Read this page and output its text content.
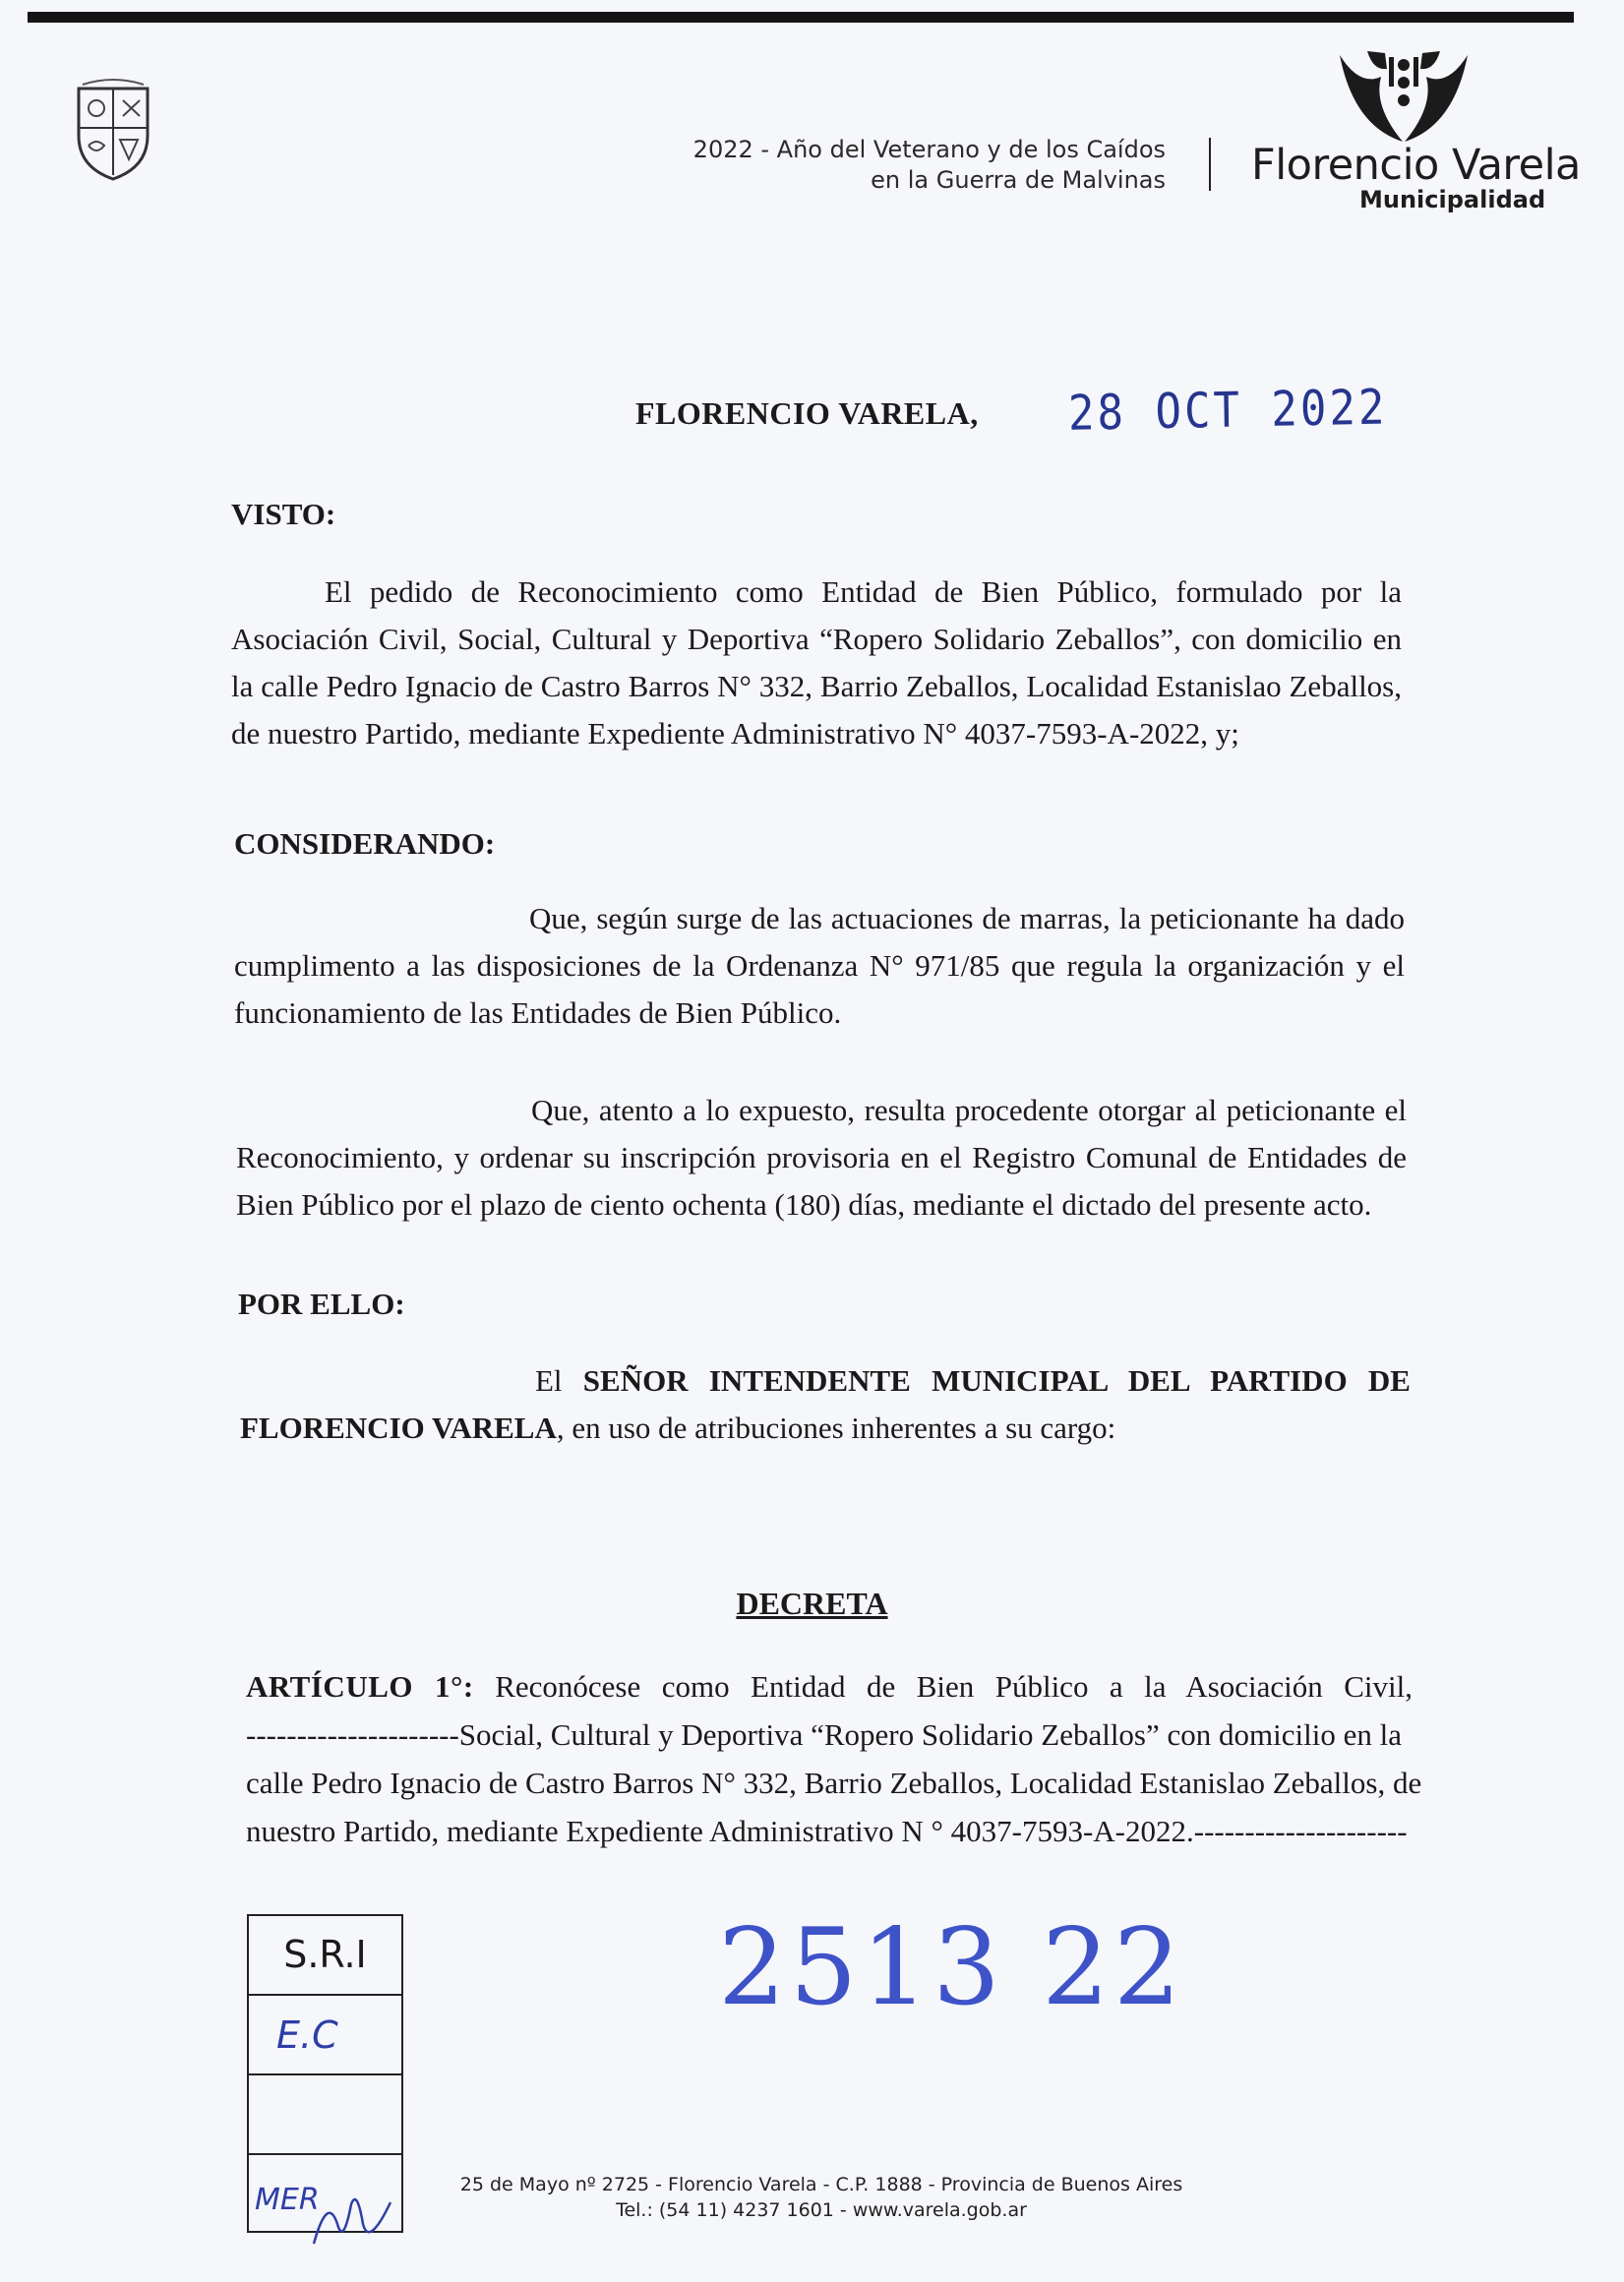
2022 - Año del Veterano y de los Caídos
en la Guerra de Malvinas Florencio Varela
Municipalidad
FLORENCIO VARELA, 28 OCT 2022
VISTO:
El pedido de Reconocimiento como Entidad de Bien Público, formulado por la Asociación Civil, Social, Cultural y Deportiva “Ropero Solidario Zeballos”, con domicilio en la calle Pedro Ignacio de Castro Barros N° 332, Barrio Zeballos, Localidad Estanislao Zeballos, de nuestro Partido, mediante Expediente Administrativo N° 4037-7593-A-2022, y;
CONSIDERANDO:
Que, según surge de las actuaciones de marras, la peticionante ha dado cumplimento a las disposiciones de la Ordenanza N° 971/85 que regula la organización y el funcionamiento de las Entidades de Bien Público.
Que, atento a lo expuesto, resulta procedente otorgar al peticionante el Reconocimiento, y ordenar su inscripción provisoria en el Registro Comunal de Entidades de Bien Público por el plazo de ciento ochenta (180) días, mediante el dictado del presente acto.
POR ELLO:
El SEÑOR INTENDENTE MUNICIPAL DEL PARTIDO DE FLORENCIO VARELA, en uso de atribuciones inherentes a su cargo:
DECRETA
ARTÍCULO 1°: Reconócese como Entidad de Bien Público a la Asociación Civil,
---------------------Social, Cultural y Deportiva “Ropero Solidario Zeballos” con domicilio en la
calle Pedro Ignacio de Castro Barros N° 332, Barrio Zeballos, Localidad Estanislao Zeballos, de
nuestro Partido, mediante Expediente Administrativo N ° 4037-7593-A-2022.---------------------
S.R.I
E.C
MER
2513 22
25 de Mayo nº 2725 - Florencio Varela - C.P. 1888 - Provincia de Buenos Aires
Tel.: (54 11) 4237 1601 - www.varela.gob.ar
